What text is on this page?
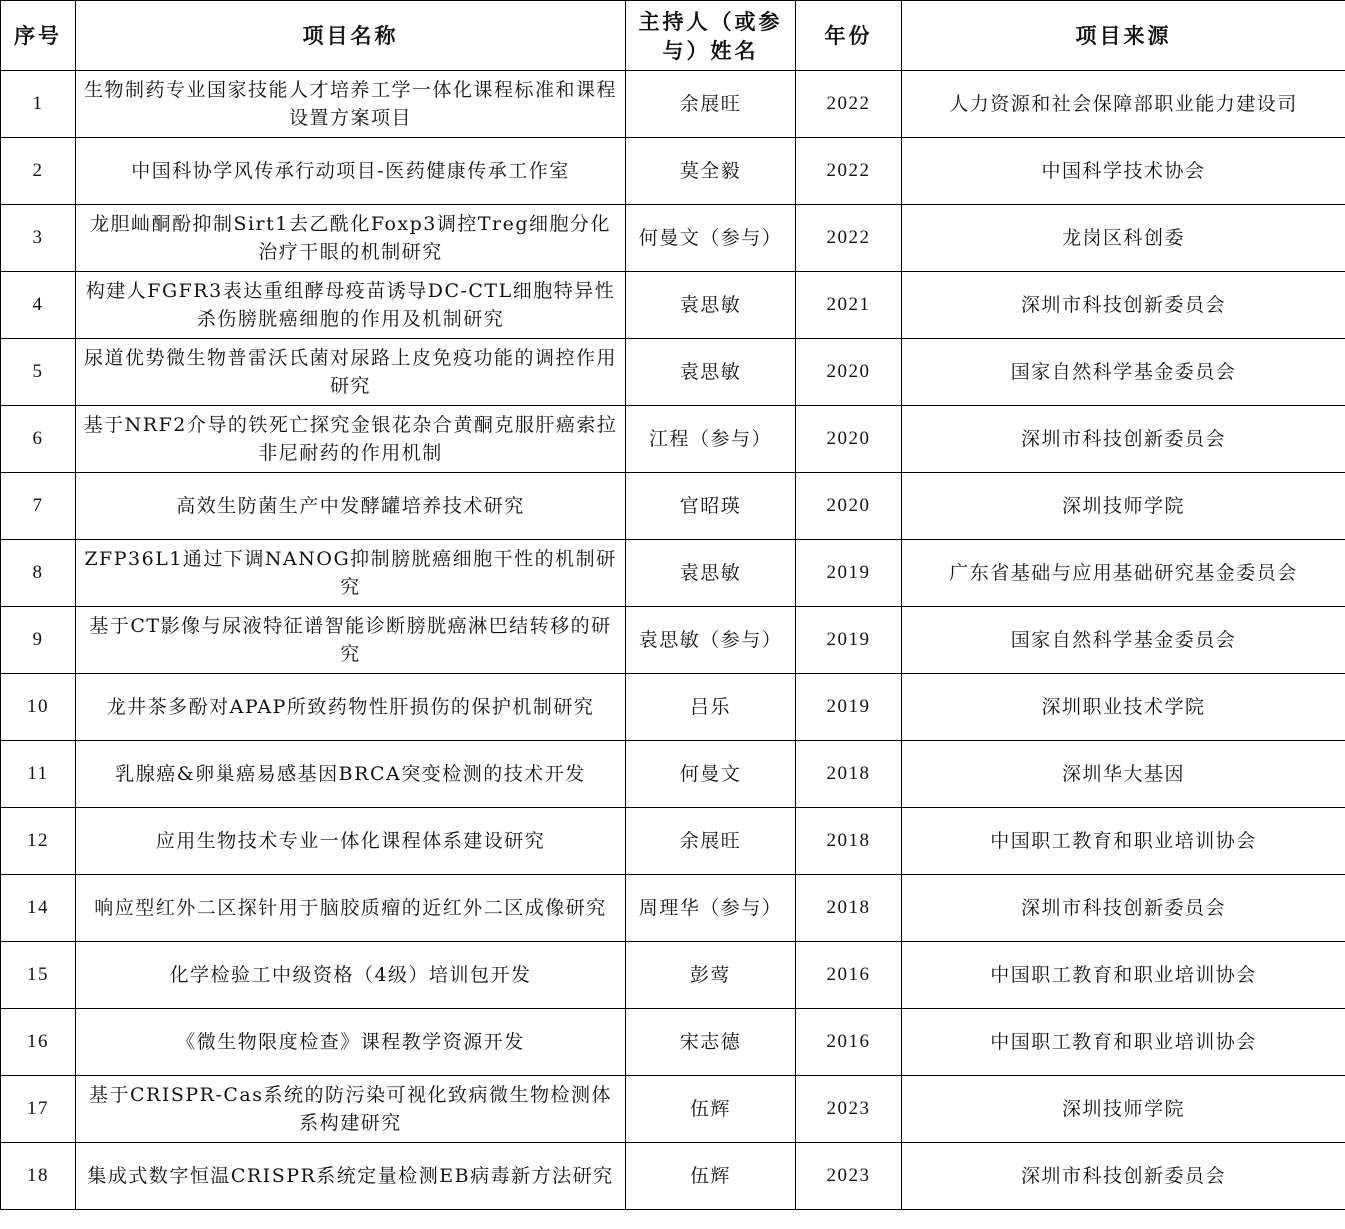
序号	项目名称	主持人（或参与）姓名	年份	项目来源
1	生物制药专业国家技能人才培养工学一体化课程标准和课程设置方案项目	余展旺	2022	人力资源和社会保障部职业能力建设司
2	中国科协学风传承行动项目-医药健康传承工作室	莫全毅	2022	中国科学技术协会
3	龙胆屾酮酚抑制Sirt1去乙酰化Foxp3调控Treg细胞分化治疗干眼的机制研究	何曼文（参与）	2022	龙岗区科创委
4	构建人FGFR3表达重组酵母疫苗诱导DC-CTL细胞特异性杀伤膀胱癌细胞的作用及机制研究	袁思敏	2021	深圳市科技创新委员会
5	尿道优势微生物普雷沃氏菌对尿路上皮免疫功能的调控作用研究	袁思敏	2020	国家自然科学基金委员会
6	基于NRF2介导的铁死亡探究金银花杂合黄酮克服肝癌索拉非尼耐药的作用机制	江程（参与）	2020	深圳市科技创新委员会
7	高效生防菌生产中发酵罐培养技术研究	官昭瑛	2020	深圳技师学院
8	ZFP36L1通过下调NANOG抑制膀胱癌细胞干性的机制研究	袁思敏	2019	广东省基础与应用基础研究基金委员会
9	基于CT影像与尿液特征谱智能诊断膀胱癌淋巴结转移的研究	袁思敏（参与）	2019	国家自然科学基金委员会
10	龙井茶多酚对APAP所致药物性肝损伤的保护机制研究	吕乐	2019	深圳职业技术学院
11	乳腺癌&卵巢癌易感基因BRCA突变检测的技术开发	何曼文	2018	深圳华大基因
12	应用生物技术专业一体化课程体系建设研究	余展旺	2018	中国职工教育和职业培训协会
14	响应型红外二区探针用于脑胶质瘤的近红外二区成像研究	周理华（参与）	2018	深圳市科技创新委员会
15	化学检验工中级资格（4级）培训包开发	彭莺	2016	中国职工教育和职业培训协会
16	《微生物限度检查》课程教学资源开发	宋志德	2016	中国职工教育和职业培训协会
17	基于CRISPR-Cas系统的防污染可视化致病微生物检测体系构建研究	伍辉	2023	深圳技师学院
18	集成式数字恒温CRISPR系统定量检测EB病毒新方法研究	伍辉	2023	深圳市科技创新委员会
